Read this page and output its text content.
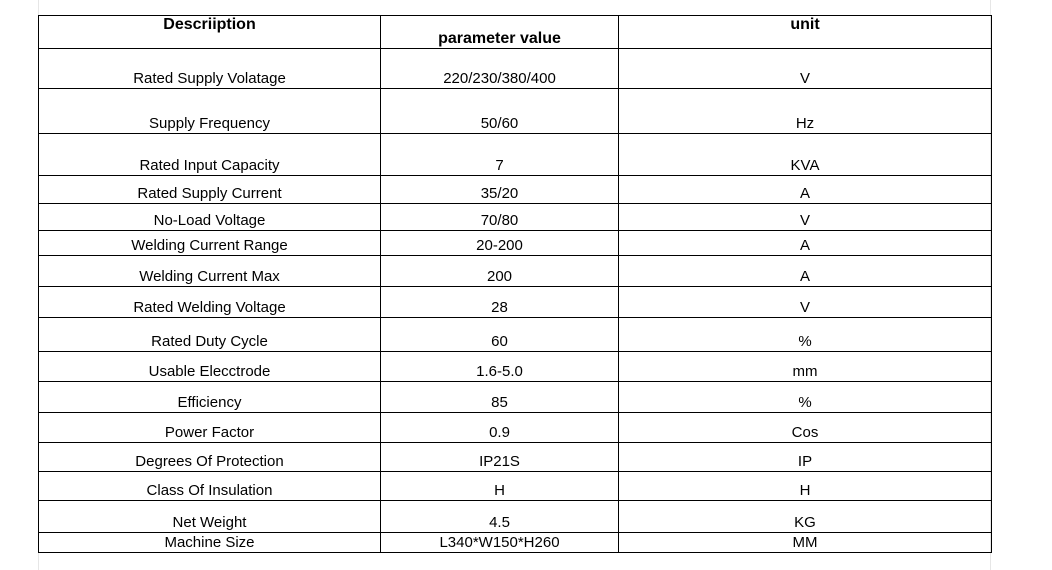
Descriiption	parameter value	unit
Rated Supply Volatage	220/230/380/400	V
Supply Frequency	50/60	Hz
Rated Input Capacity	7	KVA
Rated Supply Current	35/20	A
No-Load Voltage	70/80	V
Welding Current Range	20-200	A
Welding Current Max	200	A
Rated Welding Voltage	28	V
Rated Duty Cycle	60	%
Usable Elecctrode	1.6-5.0	mm
Efficiency	85	%
Power Factor	0.9	Cos
Degrees Of Protection	IP21S	IP
Class Of Insulation	H	H
Net Weight	4.5	KG
Machine Size	L340*W150*H260	MM
